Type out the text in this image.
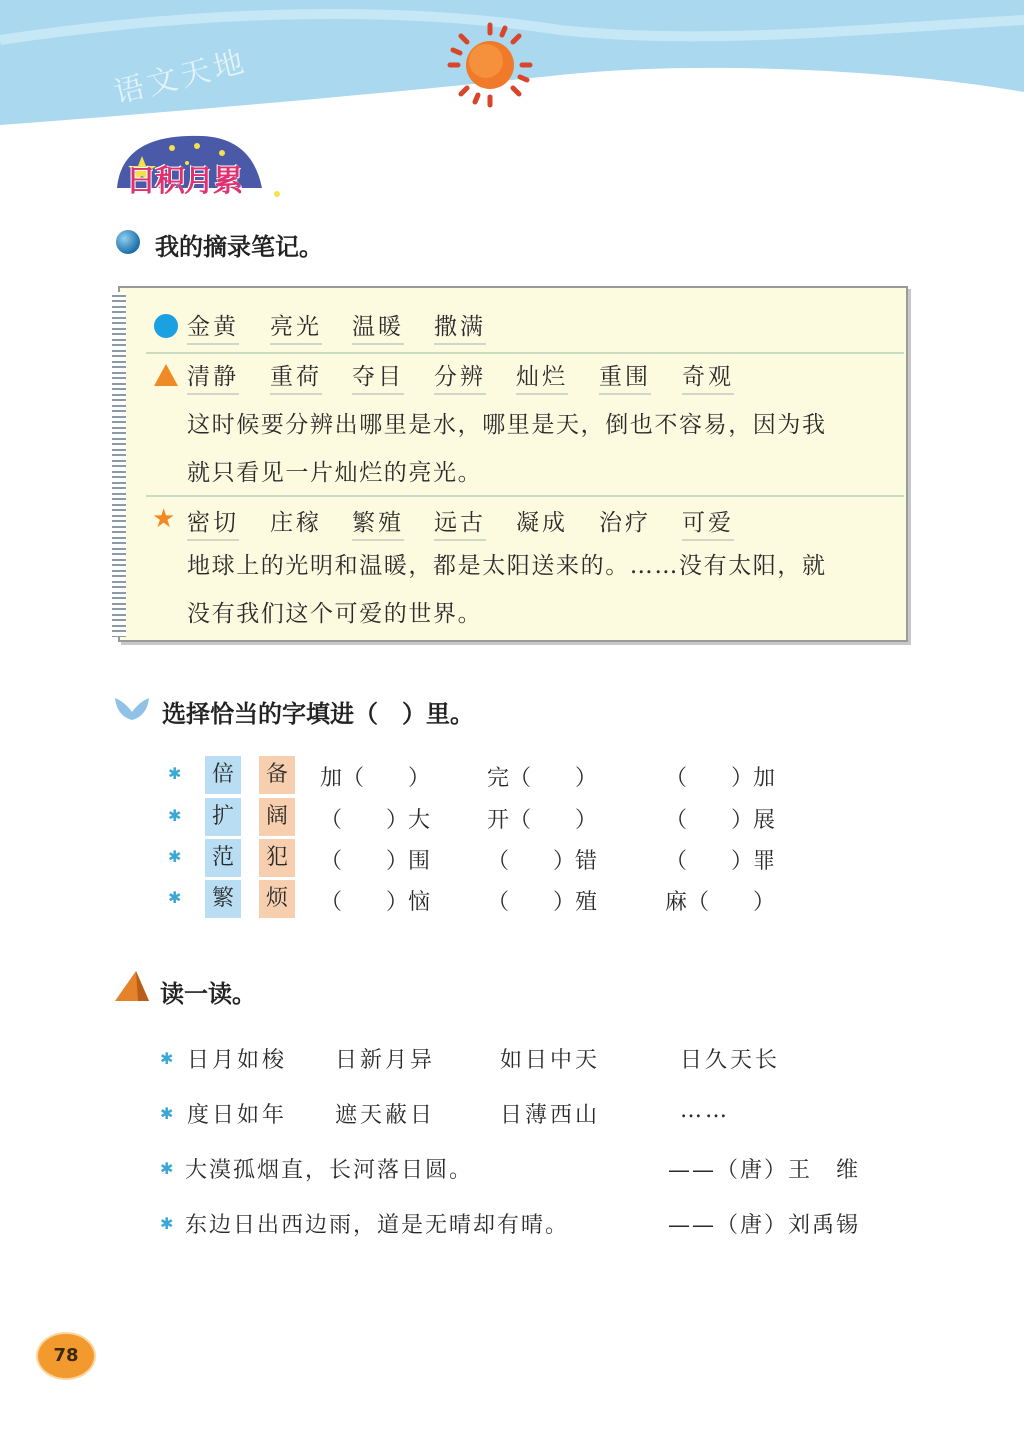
语文天地
日积月累
我的摘录笔记。
金黄 亮光 温暖 撒满
清静 重荷 夺目 分辨 灿烂 重围 奇观
这时候要分辨出哪里是水，哪里是天，倒也不容易，因为我
就只看见一片灿烂的亮光。
★ 密切 庄稼 繁殖 远古 凝成 治疗 可爱
地球上的光明和温暖，都是太阳送来的。……没有太阳，就
没有我们这个可爱的世界。
选择恰当的字填进（　）里。
✱	倍	备	加（　　）	完（　　）	（　　）加
✱	扩	阔	（　　）大	开（　　）	（　　）展
✱	范	犯	（　　）围	（　　）错	（　　）罪
✱	繁	烦	（　　）恼	（　　）殖	麻（　　）
读一读。
✱ 日月如梭 日新月异	如日中天	日久天长
✱ 度日如年 遮天蔽日	日薄西山	……
✱ 大漠孤烟直，长河落日圆。	——（唐）王　维
✱ 东边日出西边雨，道是无晴却有晴。	——（唐）刘禹锡
78
